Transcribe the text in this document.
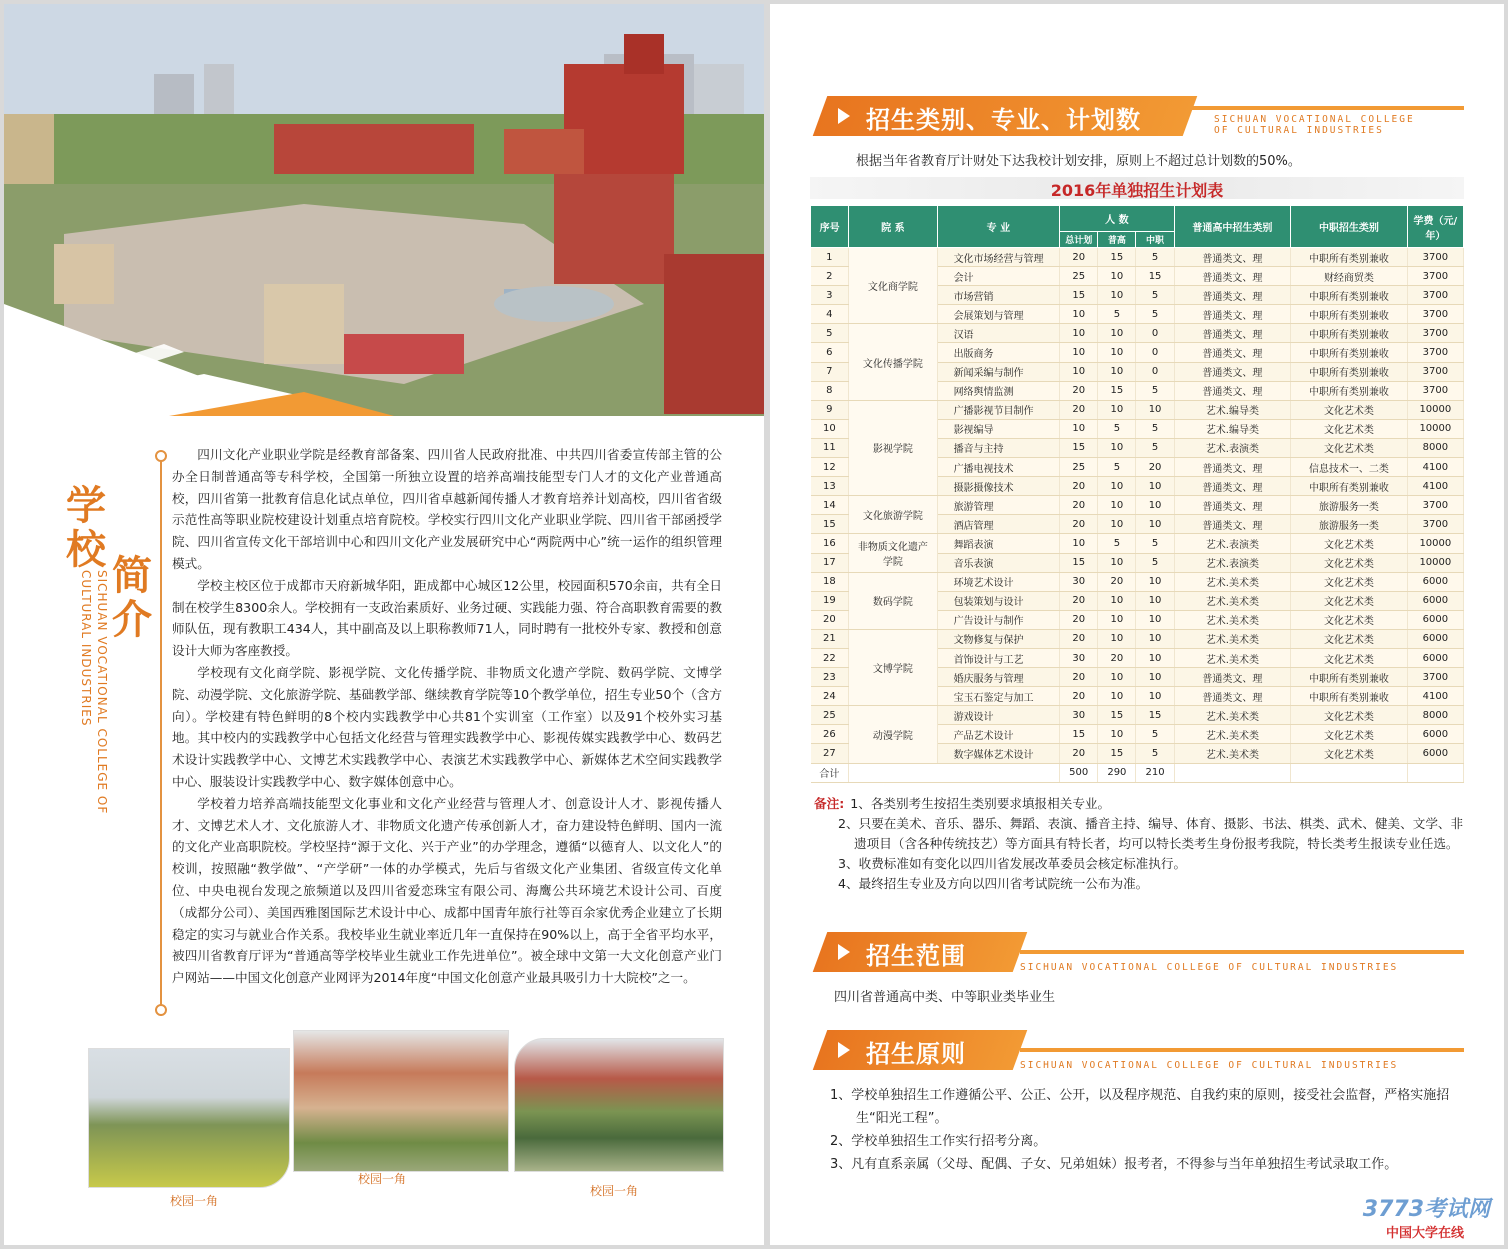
学
校
简
介
SICHUAN VOCATIONAL COLLEGE OF CULTURAL INDUSTRIES

四川文化产业职业学院是经教育部备案、四川省人民政府批准、中共四川省委宣传部主管的公办全日制普通高等专科学校，全国第一所独立设置的培养高端技能型专门人才的文化产业普通高校，四川省第一批教育信息化试点单位，四川省卓越新闻传播人才教育培养计划高校，四川省省级示范性高等职业院校建设计划重点培育院校。学校实行四川文化产业职业学院、四川省干部函授学院、四川省宣传文化干部培训中心和四川文化产业发展研究中心“两院两中心”统一运作的组织管理模式。

学校主校区位于成都市天府新城华阳，距成都中心城区12公里，校园面积570余亩，共有全日制在校学生8300余人。学校拥有一支政治素质好、业务过硬、实践能力强、符合高职教育需要的教师队伍，现有教职工434人，其中副高及以上职称教师71人，同时聘有一批校外专家、教授和创意设计大师为客座教授。

学校现有文化商学院、影视学院、文化传播学院、非物质文化遗产学院、数码学院、文博学院、动漫学院、文化旅游学院、基础教学部、继续教育学院等10个教学单位，招生专业50个（含方向）。学校建有特色鲜明的8个校内实践教学中心共81个实训室（工作室）以及91个校外实习基地。其中校内的实践教学中心包括文化经营与管理实践教学中心、影视传媒实践教学中心、数码艺术设计实践教学中心、文博艺术实践教学中心、表演艺术实践教学中心、新媒体艺术空间实践教学中心、服装设计实践教学中心、数字媒体创意中心。

学校着力培养高端技能型文化事业和文化产业经营与管理人才、创意设计人才、影视传播人才、文博艺术人才、文化旅游人才、非物质文化遗产传承创新人才，奋力建设特色鲜明、国内一流的文化产业高职院校。学校坚持“源于文化、兴于产业”的办学理念，遵循“以德育人、以文化人”的校训，按照融“教学做”、“产学研”一体的办学模式，先后与省级文化产业集团、省级宣传文化单位、中央电视台发现之旅频道以及四川省爱恋珠宝有限公司、海鹰公共环境艺术设计公司、百度（成都分公司）、美国西雅图国际艺术设计中心、成都中国青年旅行社等百余家优秀企业建立了长期稳定的实习与就业合作关系。我校毕业生就业率近几年一直保持在90%以上，高于全省平均水平，被四川省教育厅评为“普通高等学校毕业生就业工作先进单位”。被全球中文第一大文化创意产业门户网站——中国文化创意产业网评为2014年度“中国文化创意产业最具吸引力十大院校”之一。

校园一角
校园一角
校园一角
招生类别、专业、计划数	SICHUAN VOCATIONAL COLLEGE OF CULTURAL INDUSTRIES
根据当年省教育厅计财处下达我校计划安排，原则上不超过总计划数的50%。
2016年单独招生计划表
序号	院 系	专 业	人 数			普通高中招生类别	中职招生类别	学费（元/年）
			总计划	普高	中职			
1	文化商学院	文化市场经营与管理	20	15	5	普通类文、理	中职所有类别兼收	3700
2		会计	25	10	15	普通类文、理	财经商贸类	3700
3		市场营销	15	10	5	普通类文、理	中职所有类别兼收	3700
4		会展策划与管理	10	5	5	普通类文、理	中职所有类别兼收	3700
5	文化传播学院	汉语	10	10	0	普通类文、理	中职所有类别兼收	3700
6		出版商务	10	10	0	普通类文、理	中职所有类别兼收	3700
7		新闻采编与制作	10	10	0	普通类文、理	中职所有类别兼收	3700
8		网络舆情监测	20	15	5	普通类文、理	中职所有类别兼收	3700
9	影视学院	广播影视节目制作	20	10	10	艺术.编导类	文化艺术类	10000
10		影视编导	10	5	5	艺术.编导类	文化艺术类	10000
11		播音与主持	15	10	5	艺术.表演类	文化艺术类	8000
12		广播电视技术	25	5	20	普通类文、理	信息技术一、二类	4100
13		摄影摄像技术	20	10	10	普通类文、理	中职所有类别兼收	4100
14	文化旅游学院	旅游管理	20	10	10	普通类文、理	旅游服务一类	3700
15		酒店管理	20	10	10	普通类文、理	旅游服务一类	3700
16	非物质文化遗产学院	舞蹈表演	10	5	5	艺术.表演类	文化艺术类	10000
17		音乐表演	15	10	5	艺术.表演类	文化艺术类	10000
18	数码学院	环境艺术设计	30	20	10	艺术.美术类	文化艺术类	6000
19		包装策划与设计	20	10	10	艺术.美术类	文化艺术类	6000
20		广告设计与制作	20	10	10	艺术.美术类	文化艺术类	6000
21	文博学院	文物修复与保护	20	10	10	艺术.美术类	文化艺术类	6000
22		首饰设计与工艺	30	20	10	艺术.美术类	文化艺术类	6000
23		婚庆服务与管理	20	10	10	普通类文、理	中职所有类别兼收	3700
24		宝玉石鉴定与加工	20	10	10	普通类文、理	中职所有类别兼收	4100
25	动漫学院	游戏设计	30	15	15	艺术.美术类	文化艺术类	8000
26		产品艺术设计	15	10	5	艺术.美术类	文化艺术类	6000
27		数字媒体艺术设计	20	15	5	艺术.美术类	文化艺术类	6000
合计			500	290	210			
备注: 1、各类别考生按招生类别要求填报相关专业。
2、只要在美术、音乐、器乐、舞蹈、表演、播音主持、编导、体育、摄影、书法、棋类、武术、健美、文学、非遗项目（含各种传统技艺）等方面具有特长者，均可以特长类考生身份报考我院，特长类考生报读专业任选。
3、收费标准如有变化以四川省发展改革委员会核定标准执行。
4、最终招生专业及方向以四川省考试院统一公布为准。
招生范围	SICHUAN VOCATIONAL COLLEGE OF CULTURAL INDUSTRIES
四川省普通高中类、中等职业类毕业生
招生原则	SICHUAN VOCATIONAL COLLEGE OF CULTURAL INDUSTRIES
1、学校单独招生工作遵循公平、公正、公开，以及程序规范、自我约束的原则，接受社会监督，严格实施招生“阳光工程”。
2、学校单独招生工作实行招考分离。
3、凡有直系亲属（父母、配偶、子女、兄弟姐妹）报考者，不得参与当年单独招生考试录取工作。
3773考试网
中国大学在线
